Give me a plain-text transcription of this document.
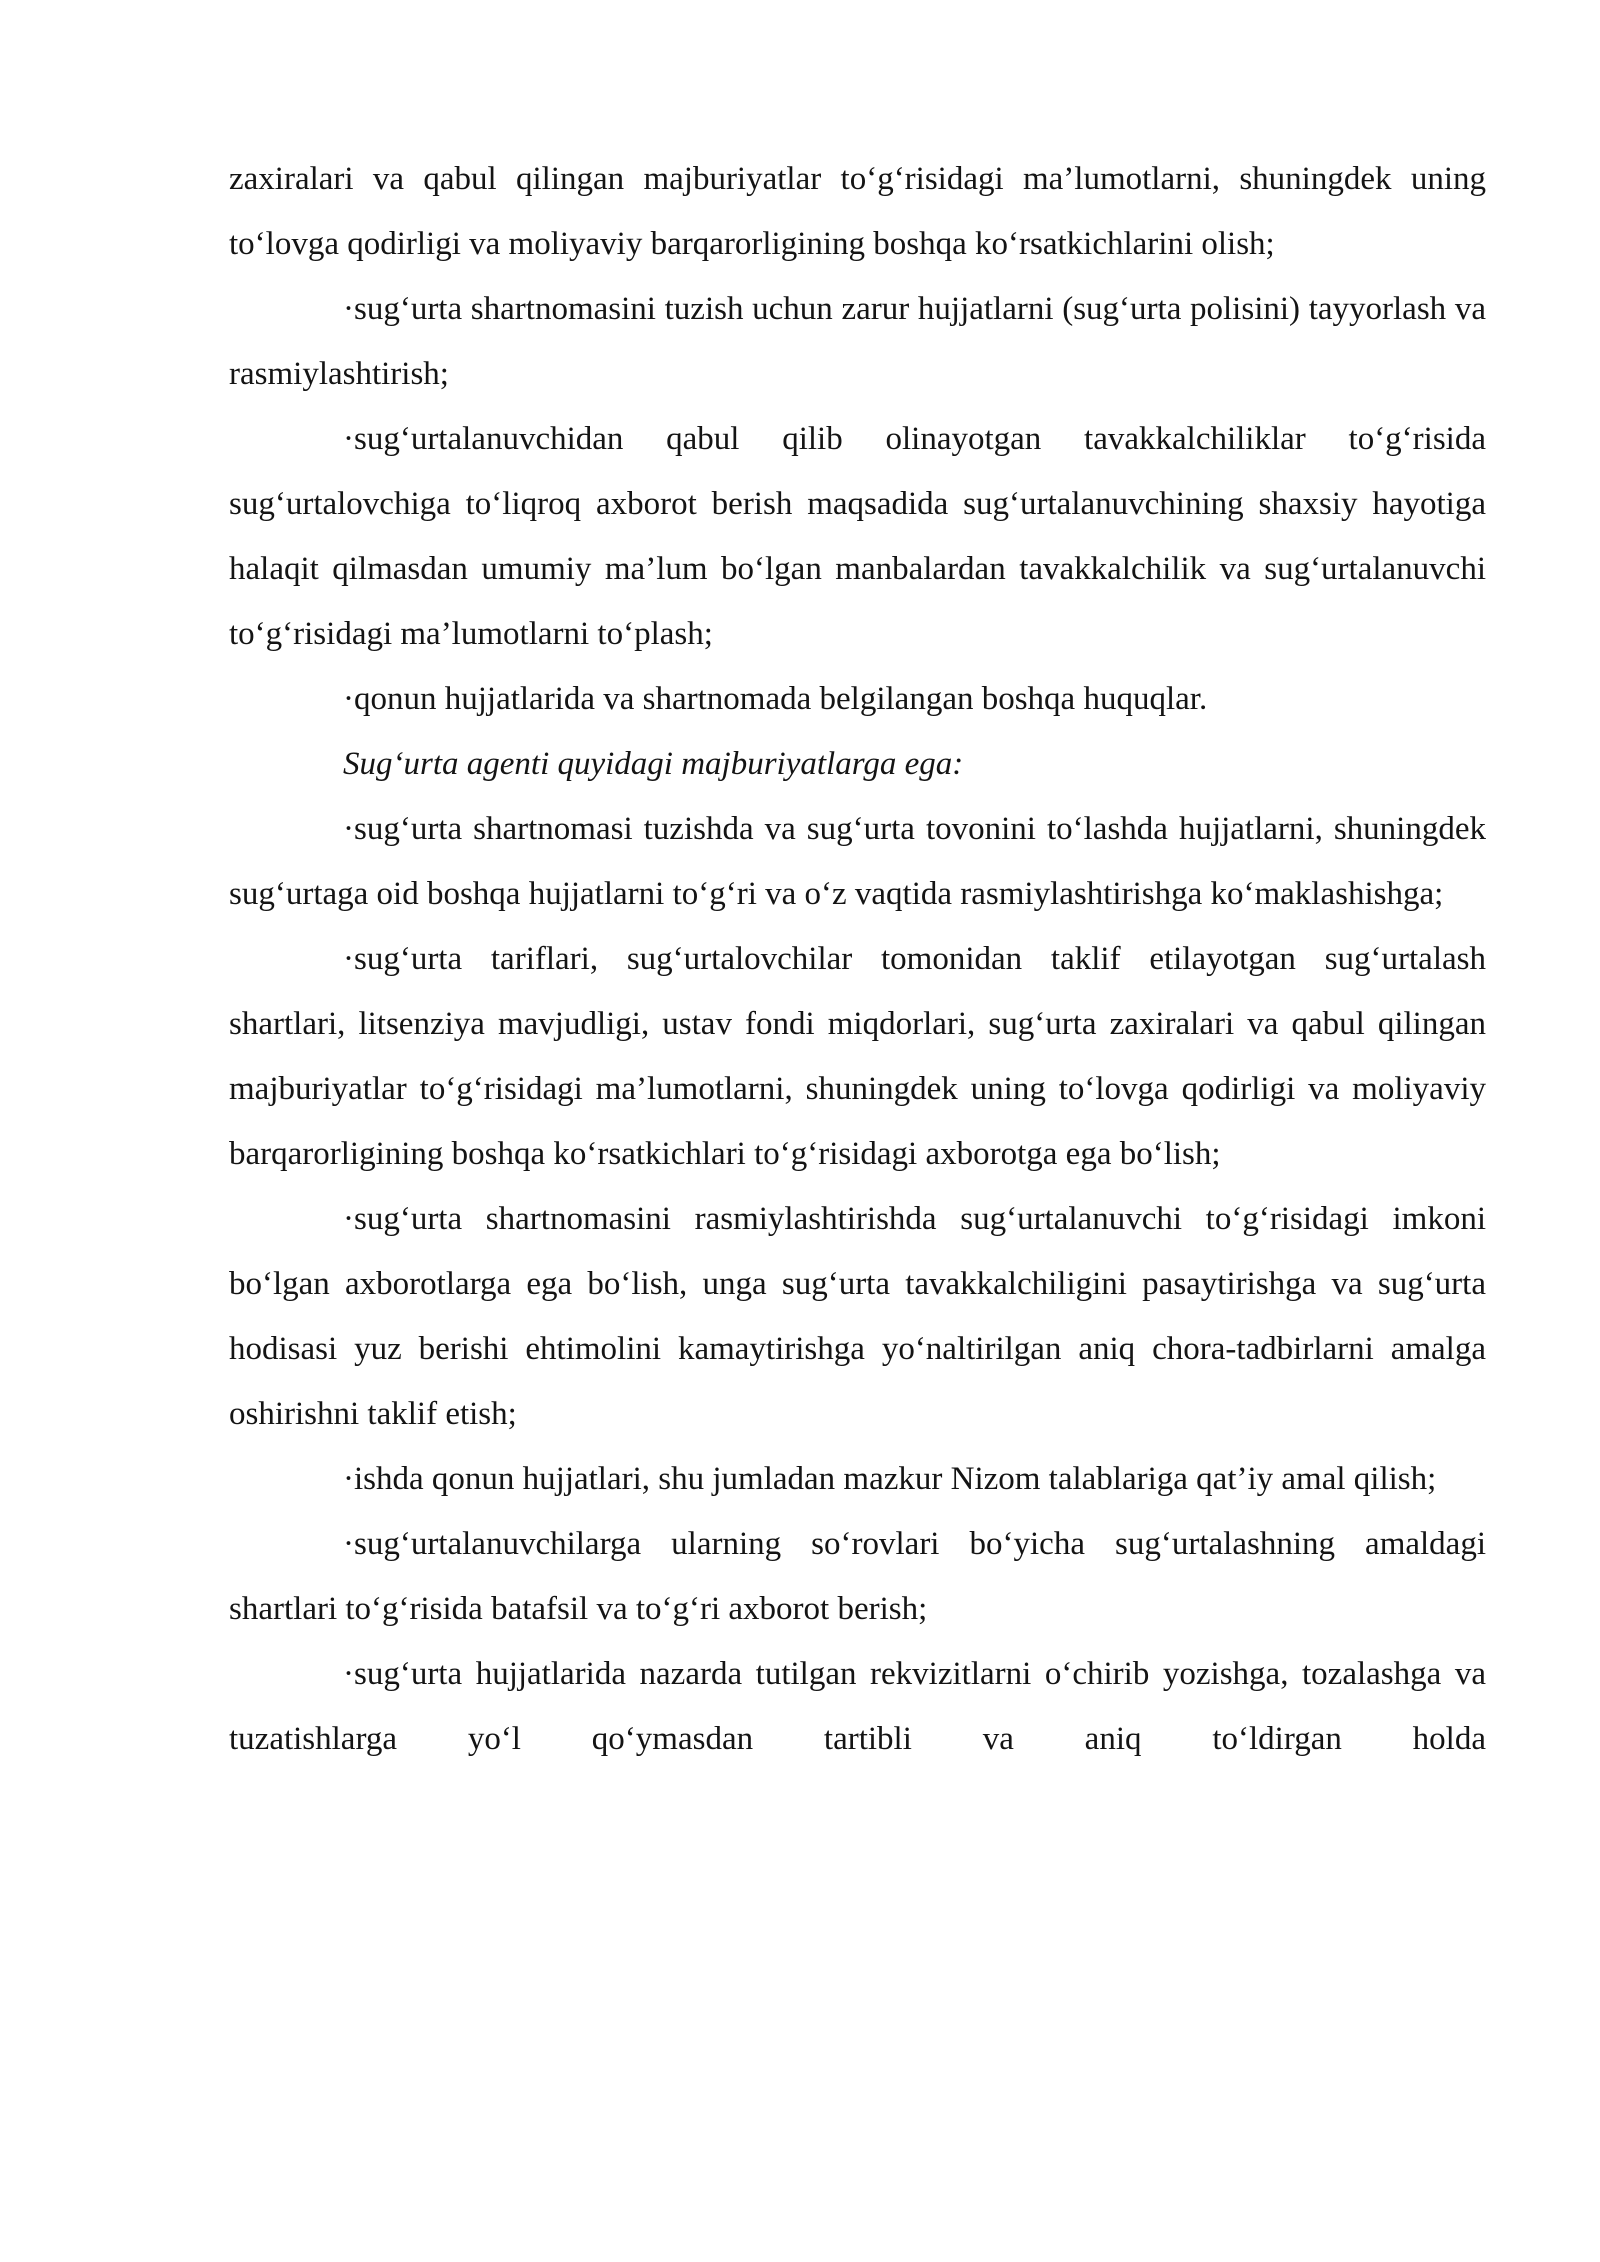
zaxiralari va qabul qilingan majburiyatlar to‘g‘risidagi ma’lumotlarni, shuningdek uning to‘lovga qodirligi va moliyaviy barqarorligining boshqa ko‘rsatkichlarini olish;

·sug‘urta shartnomasini tuzish uchun zarur hujjatlarni (sug‘urta polisini) tayyorlash va rasmiylashtirish;

·sug‘urtalanuvchidan qabul qilib olinayotgan tavakkalchiliklar to‘g‘risida sug‘urtalovchiga to‘liqroq axborot berish maqsadida sug‘urtalanuvchining shaxsiy hayotiga halaqit qilmasdan umumiy ma’lum bo‘lgan manbalardan tavakkalchilik va sug‘urtalanuvchi to‘g‘risidagi ma’lumotlarni to‘plash;

·qonun hujjatlarida va shartnomada belgilangan boshqa huquqlar.

Sug‘urta agenti quyidagi majburiyatlarga ega:

·sug‘urta shartnomasi tuzishda va sug‘urta tovonini to‘lashda hujjatlarni, shuningdek sug‘urtaga oid boshqa hujjatlarni to‘g‘ri va o‘z vaqtida rasmiylashtirishga ko‘maklashishga;

·sug‘urta tariflari, sug‘urtalovchilar tomonidan taklif etilayotgan sug‘urtalash shartlari, litsenziya mavjudligi, ustav fondi miqdorlari, sug‘urta zaxiralari va qabul qilingan majburiyatlar to‘g‘risidagi ma’lumotlarni, shuningdek uning to‘lovga qodirligi va moliyaviy barqarorligining boshqa ko‘rsatkichlari to‘g‘risidagi axborotga ega bo‘lish;

·sug‘urta shartnomasini rasmiylashtirishda sug‘urtalanuvchi to‘g‘risidagi imkoni bo‘lgan axborotlarga ega bo‘lish, unga sug‘urta tavakkalchiligini pasaytirishga va sug‘urta hodisasi yuz berishi ehtimolini kamaytirishga yo‘naltirilgan aniq chora-tadbirlarni amalga oshirishni taklif etish;

·ishda qonun hujjatlari, shu jumladan mazkur Nizom talablariga qat’iy amal qilish;

·sug‘urtalanuvchilarga ularning so‘rovlari bo‘yicha sug‘urtalashning amaldagi shartlari to‘g‘risida batafsil va to‘g‘ri axborot berish;

·sug‘urta hujjatlarida nazarda tutilgan rekvizitlarni o‘chirib yozishga, tozalashga va tuzatishlarga yo‘l qo‘ymasdan tartibli va aniq to‘ldirgan holda
